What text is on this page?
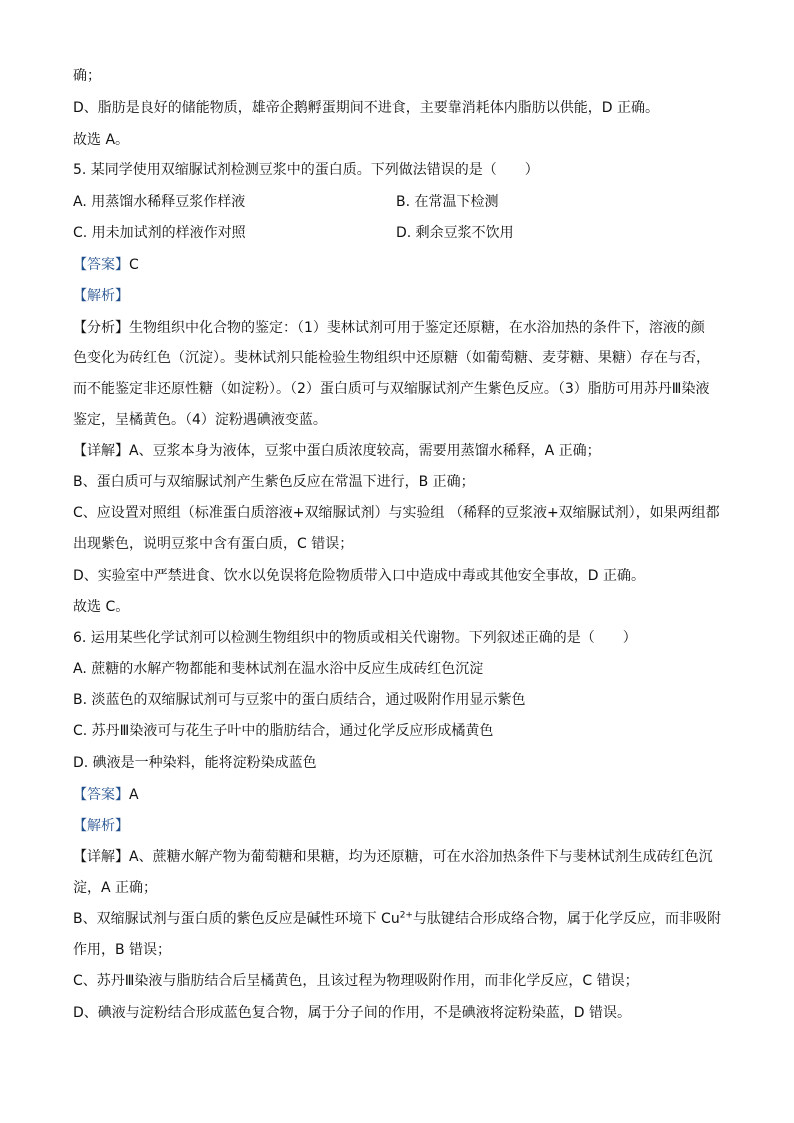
确；
D、脂肪是良好的储能物质，雄帝企鹅孵蛋期间不进食，主要靠消耗体内脂肪以供能，D 正确。
故选 A。
5. 某同学使用双缩脲试剂检测豆浆中的蛋白质。下列做法错误的是（　　）
A. 用蒸馏水稀释豆浆作样液	B. 在常温下检测
C. 用未加试剂的样液作对照	D. 剩余豆浆不饮用
【答案】C
【解析】
【分析】生物组织中化合物的鉴定：（1）斐林试剂可用于鉴定还原糖，在水浴加热的条件下，溶液的颜
色变化为砖红色（沉淀）。斐林试剂只能检验生物组织中还原糖（如葡萄糖、麦芽糖、果糖）存在与否，
而不能鉴定非还原性糖（如淀粉）。（2）蛋白质可与双缩脲试剂产生紫色反应。（3）脂肪可用苏丹Ⅲ染液
鉴定，呈橘黄色。（4）淀粉遇碘液变蓝。
【详解】A、豆浆本身为液体，豆浆中蛋白质浓度较高，需要用蒸馏水稀释，A 正确；
B、蛋白质可与双缩脲试剂产生紫色反应在常温下进行，B 正确；
C、应设置对照组（标准蛋白质溶液+双缩脲试剂）与实验组 （稀释的豆浆液+双缩脲试剂），如果两组都
出现紫色，说明豆浆中含有蛋白质，C 错误；
D、实验室中严禁进食、饮水以免误将危险物质带入口中造成中毒或其他安全事故，D 正确。
故选 C。
6. 运用某些化学试剂可以检测生物组织中的物质或相关代谢物。下列叙述正确的是（　　）
A. 蔗糖的水解产物都能和斐林试剂在温水浴中反应生成砖红色沉淀
B. 淡蓝色的双缩脲试剂可与豆浆中的蛋白质结合，通过吸附作用显示紫色
C. 苏丹Ⅲ染液可与花生子叶中的脂肪结合，通过化学反应形成橘黄色
D. 碘液是一种染料，能将淀粉染成蓝色
【答案】A
【解析】
【详解】A、蔗糖水解产物为葡萄糖和果糖，均为还原糖，可在水浴加热条件下与斐林试剂生成砖红色沉
淀，A 正确；
B、双缩脲试剂与蛋白质的紫色反应是碱性环境下 $Cu^{2+}$与肽键结合形成络合物，属于化学反应，而非吸附
作用，B 错误；
C、苏丹Ⅲ染液与脂肪结合后呈橘黄色，且该过程为物理吸附作用，而非化学反应，C 错误；
D、碘液与淀粉结合形成蓝色复合物，属于分子间的作用，不是碘液将淀粉染蓝，D 错误。
